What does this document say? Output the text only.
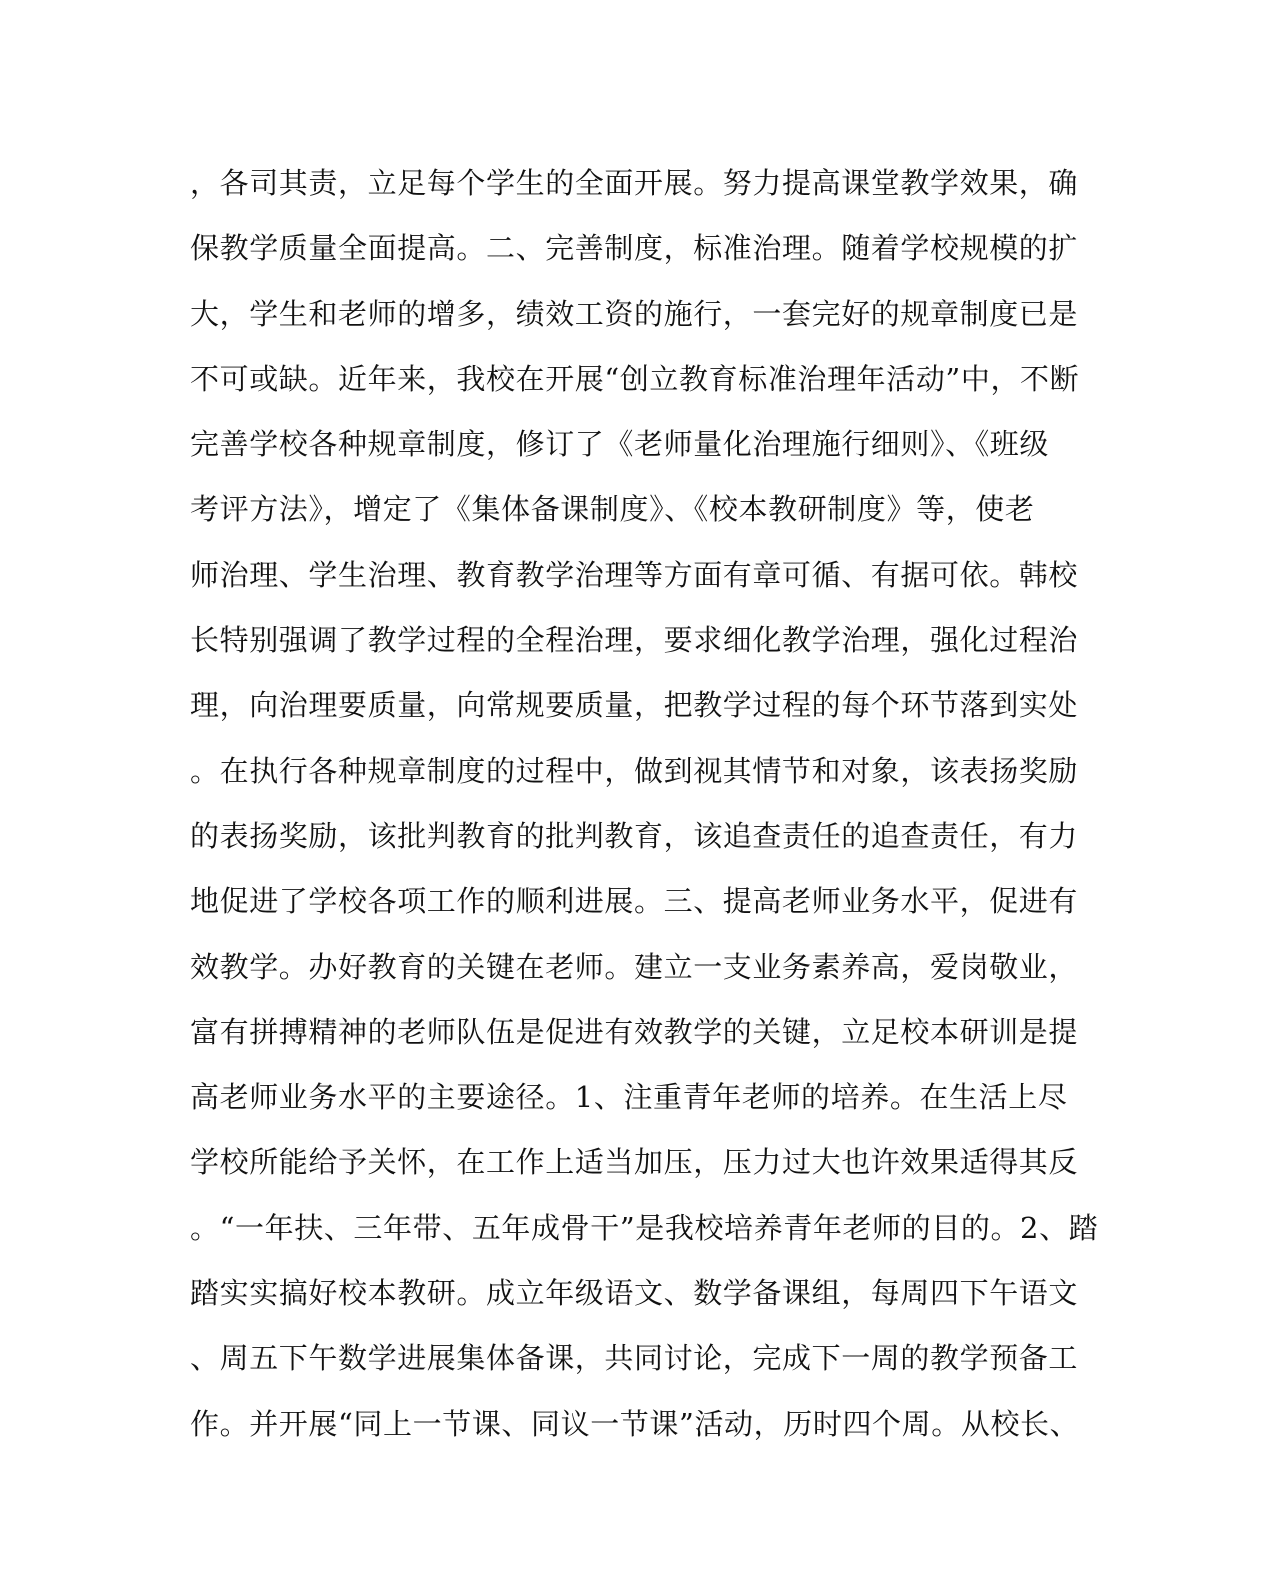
，各司其责，立足每个学生的全面开展。努力提高课堂教学效果，确
保教学质量全面提高。二、完善制度，标准治理。随着学校规模的扩
大，学生和老师的增多，绩效工资的施行，一套完好的规章制度已是
不可或缺。近年来，我校在开展“创立教育标准治理年活动”中，不断
完善学校各种规章制度，修订了《老师量化治理施行细则》、《班级
考评方法》，增定了《集体备课制度》、《校本教研制度》等，使老
师治理、学生治理、教育教学治理等方面有章可循、有据可依。韩校
长特别强调了教学过程的全程治理，要求细化教学治理，强化过程治
理，向治理要质量，向常规要质量，把教学过程的每个环节落到实处
。在执行各种规章制度的过程中，做到视其情节和对象，该表扬奖励
的表扬奖励，该批判教育的批判教育，该追查责任的追查责任，有力
地促进了学校各项工作的顺利进展。三、提高老师业务水平，促进有
效教学。办好教育的关键在老师。建立一支业务素养高，爱岗敬业，
富有拼搏精神的老师队伍是促进有效教学的关键，立足校本研训是提
高老师业务水平的主要途径。1、注重青年老师的培养。在生活上尽
学校所能给予关怀，在工作上适当加压，压力过大也许效果适得其反
。“一年扶、三年带、五年成骨干”是我校培养青年老师的目的。2、踏
踏实实搞好校本教研。成立年级语文、数学备课组，每周四下午语文
、周五下午数学进展集体备课，共同讨论，完成下一周的教学预备工
作。并开展“同上一节课、同议一节课”活动，历时四个周。从校长、
